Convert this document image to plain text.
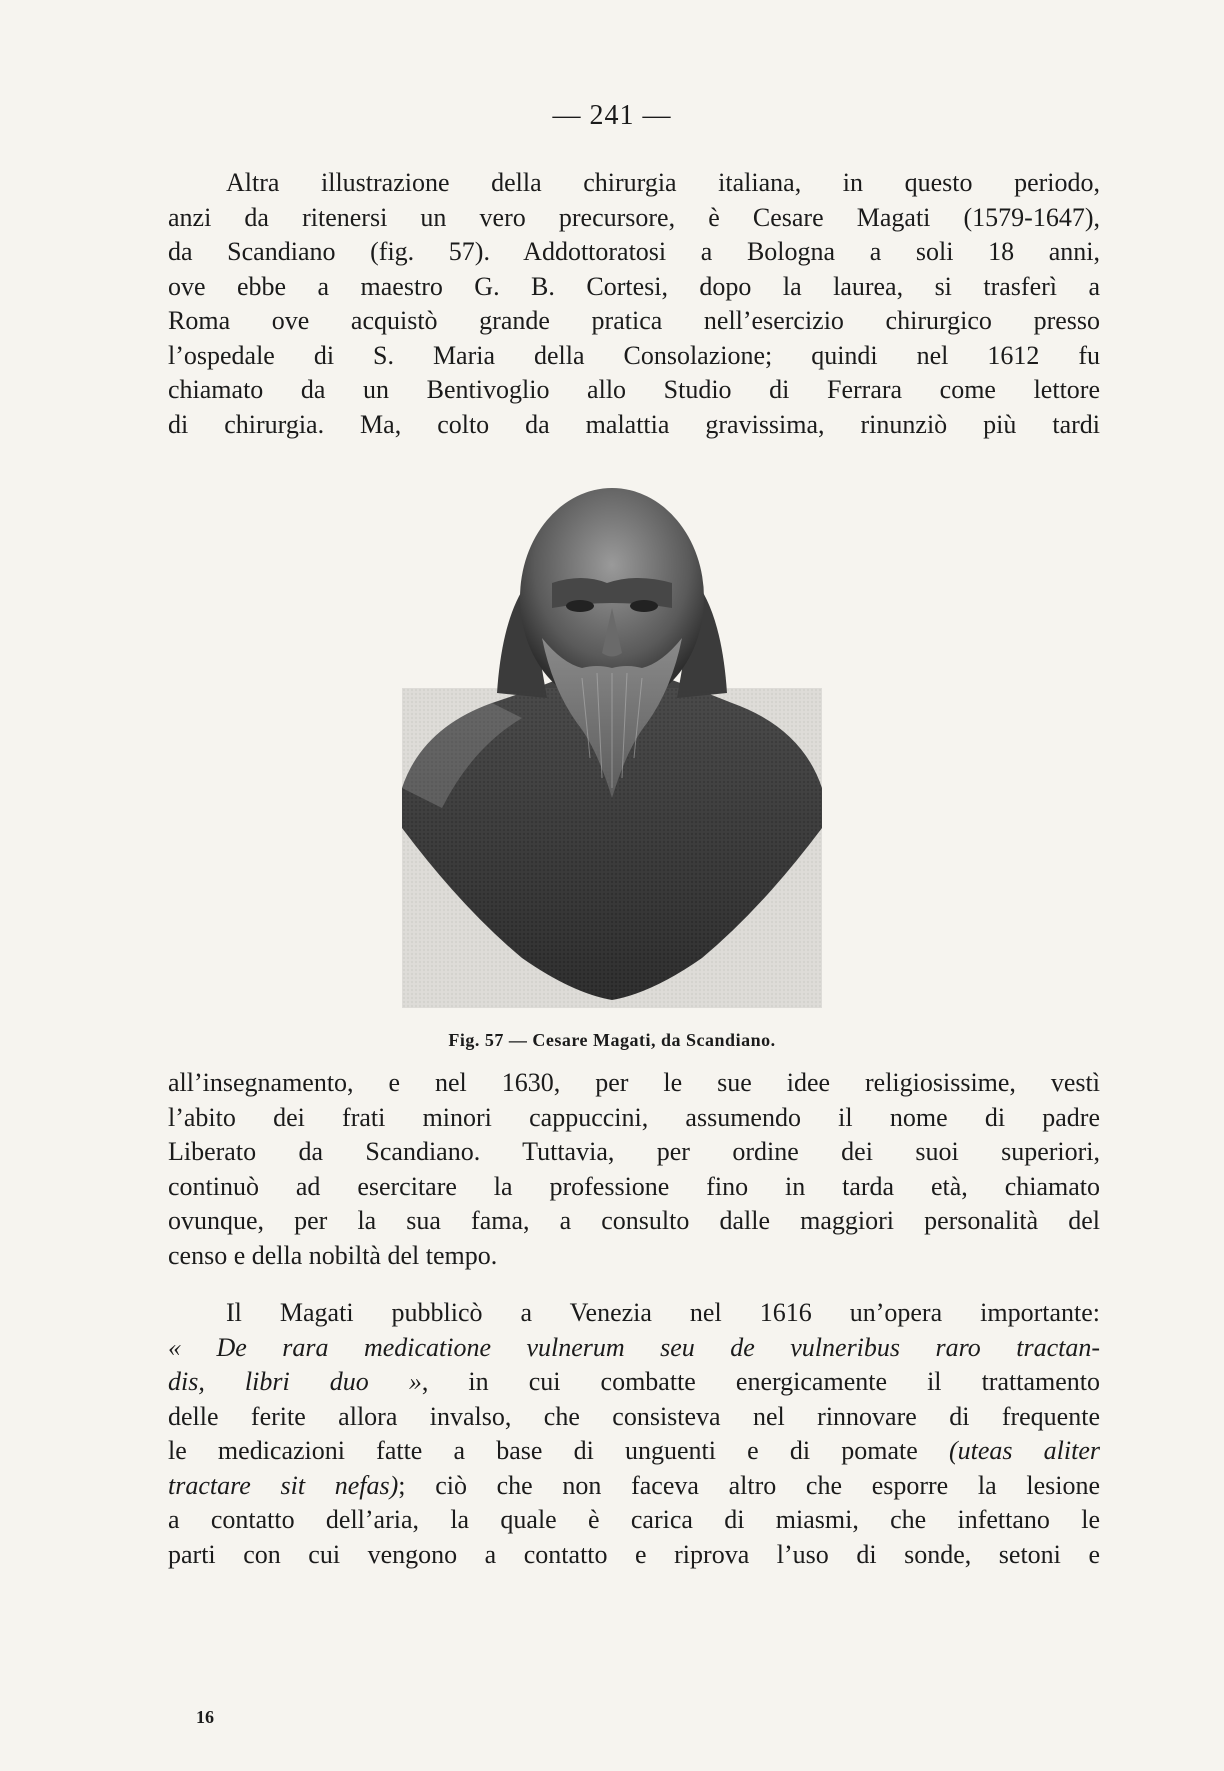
— 241 —
Altra illustrazione della chirurgia italiana, in questo periodo,
anzi da ritenersi un vero precursore, è Cesare Magati (1579-1647),
da Scandiano (fig. 57). Addottoratosi a Bologna a soli 18 anni,
ove ebbe a maestro G. B. Cortesi, dopo la laurea, si trasferì a
Roma ove acquistò grande pratica nell’esercizio chirurgico presso
l’ospedale di S. Maria della Consolazione; quindi nel 1612 fu
chiamato da un Bentivoglio allo Studio di Ferrara come lettore
di chirurgia. Ma, colto da malattia gravissima, rinunziò più tardi
Fig. 57 — Cesare Magati, da Scandiano.
all’insegnamento, e nel 1630, per le sue idee religiosissime, vestì
l’abito dei frati minori cappuccini, assumendo il nome di padre
Liberato da Scandiano. Tuttavia, per ordine dei suoi superiori,
continuò ad esercitare la professione fino in tarda età, chiamato
ovunque, per la sua fama, a consulto dalle maggiori personalità del
censo e della nobiltà del tempo.
Il Magati pubblicò a Venezia nel 1616 un’opera importante:
« De rara medicatione vulnerum seu de vulneribus raro tractan-
dis, libri duo », in cui combatte energicamente il trattamento
delle ferite allora invalso, che consisteva nel rinnovare di frequente
le medicazioni fatte a base di unguenti e di pomate (uteas aliter
tractare sit nefas); ciò che non faceva altro che esporre la lesione
a contatto dell’aria, la quale è carica di miasmi, che infettano le
parti con cui vengono a contatto e riprova l’uso di sonde, setoni e
16
